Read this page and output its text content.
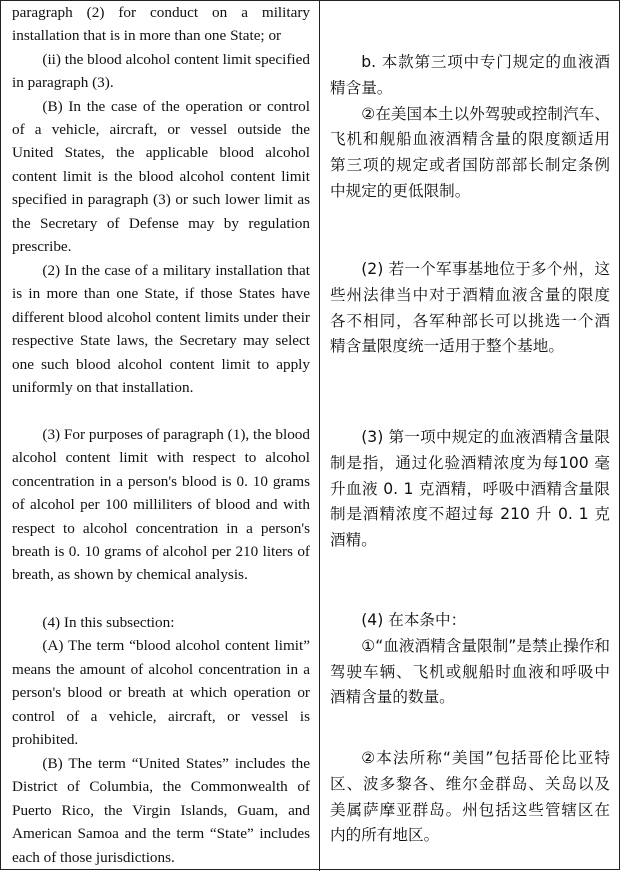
paragraph (2) for conduct on a military installation that is in more than one State; or

(ii) the blood alcohol content limit specified in paragraph (3).

(B) In the case of the operation or control of a vehicle, aircraft, or vessel outside the United States, the applicable blood alcohol content limit is the blood alcohol content limit specified in paragraph (3) or such lower limit as the Secretary of Defense may by regulation prescribe.

b. 本款第三项中专门规定的血液酒精含量。

②在美国本土以外驾驶或控制汽车、飞机和舰船血液酒精含量的限度额适用第三项的规定或者国防部部长制定条例中规定的更低限制。

(2) In the case of a military installation that is in more than one State, if those States have different blood alcohol content limits under their respective State laws, the Secretary may select one such blood alcohol content limit to apply uniformly on that installation.

(2) 若一个军事基地位于多个州，这些州法律当中对于酒精血液含量的限度各不相同，各军种部长可以挑选一个酒精含量限度统一适用于整个基地。

(3) For purposes of paragraph (1), the blood alcohol content limit with respect to alcohol concentration in a person's blood is 0. 10 grams of alcohol per 100 milliliters of blood and with respect to alcohol concentration in a person's breath is 0. 10 grams of alcohol per 210 liters of breath, as shown by chemical analysis.

(3) 第一项中规定的血液酒精含量限制是指，通过化验酒精浓度为每100 毫升血液 0. 1 克酒精，呼吸中酒精含量限制是酒精浓度不超过每 210 升 0. 1 克酒精。

(4) In this subsection:

(A) The term “blood alcohol content limit” means the amount of alcohol concentration in a person's blood or breath at which operation or control of a vehicle, aircraft, or vessel is prohibited.

(4) 在本条中：

①“血液酒精含量限制”是禁止操作和驾驶车辆、飞机或舰船时血液和呼吸中酒精含量的数量。

(B) The term “United States” includes the District of Columbia, the Commonwealth of Puerto Rico, the Virgin Islands, Guam, and American Samoa and the term “State” includes each of those jurisdictions.

②本法所称“美国”包括哥伦比亚特区、波多黎各、维尔金群岛、关岛以及美属萨摩亚群岛。州包括这些管辖区在内的所有地区。
